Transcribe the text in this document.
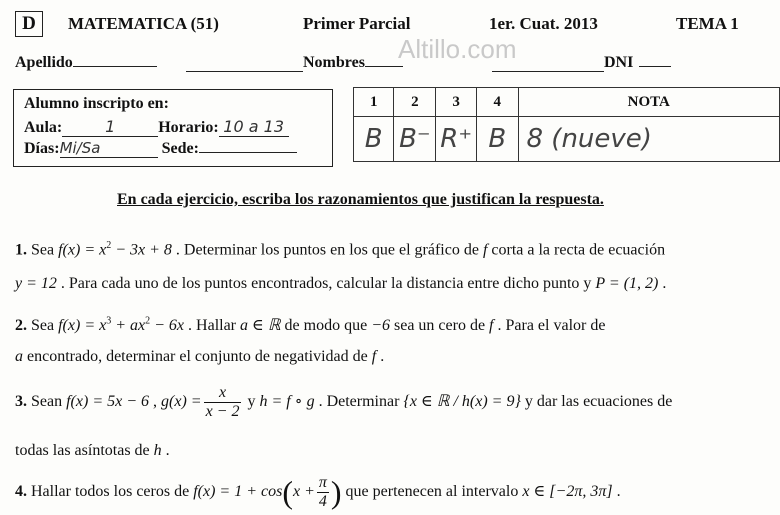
D	MATEMATICA (51)	Primer Parcial	1er. Cuat. 2013	TEMA 1
Altillo.com
Apellido	Nombres	DNI
Alumno inscripto en:
Aula:	1	Horario: 10 a 13
Días:Mi/Sa	Sede:
1	2	3	4	NOTA
B	B⁻	R⁺	B	8 (nueve)
En cada ejercicio, escriba los razonamientos que justifican la respuesta.
1. Sea $f(x) = x^2 - 3x + 8$ . Determinar los puntos en los que el gráfico de f corta a la recta de ecuación
y = 12 . Para cada uno de los puntos encontrados, calcular la distancia entre dicho punto y P = (1, 2) .
2. Sea $f(x) = x^3 + ax^2 - 6x$ . Hallar a ∈ ℝ de modo que −6 sea un cero de f . Para el valor de
a encontrado, determinar el conjunto de negatividad de f .
3. Sean f(x) = 5x − 6 , $g(x) = \frac{x}{x - 2}$ y h = f ∘ g . Determinar {x ∈ ℝ / h(x) = 9} y dar las ecuaciones de
todas las asíntotas de h .
4. Hallar todos los ceros de $f(x) = 1 + \cos(x + \frac{\pi}{4}$ ) que pertenecen al intervalo x ∈ [−2π, 3π] .
